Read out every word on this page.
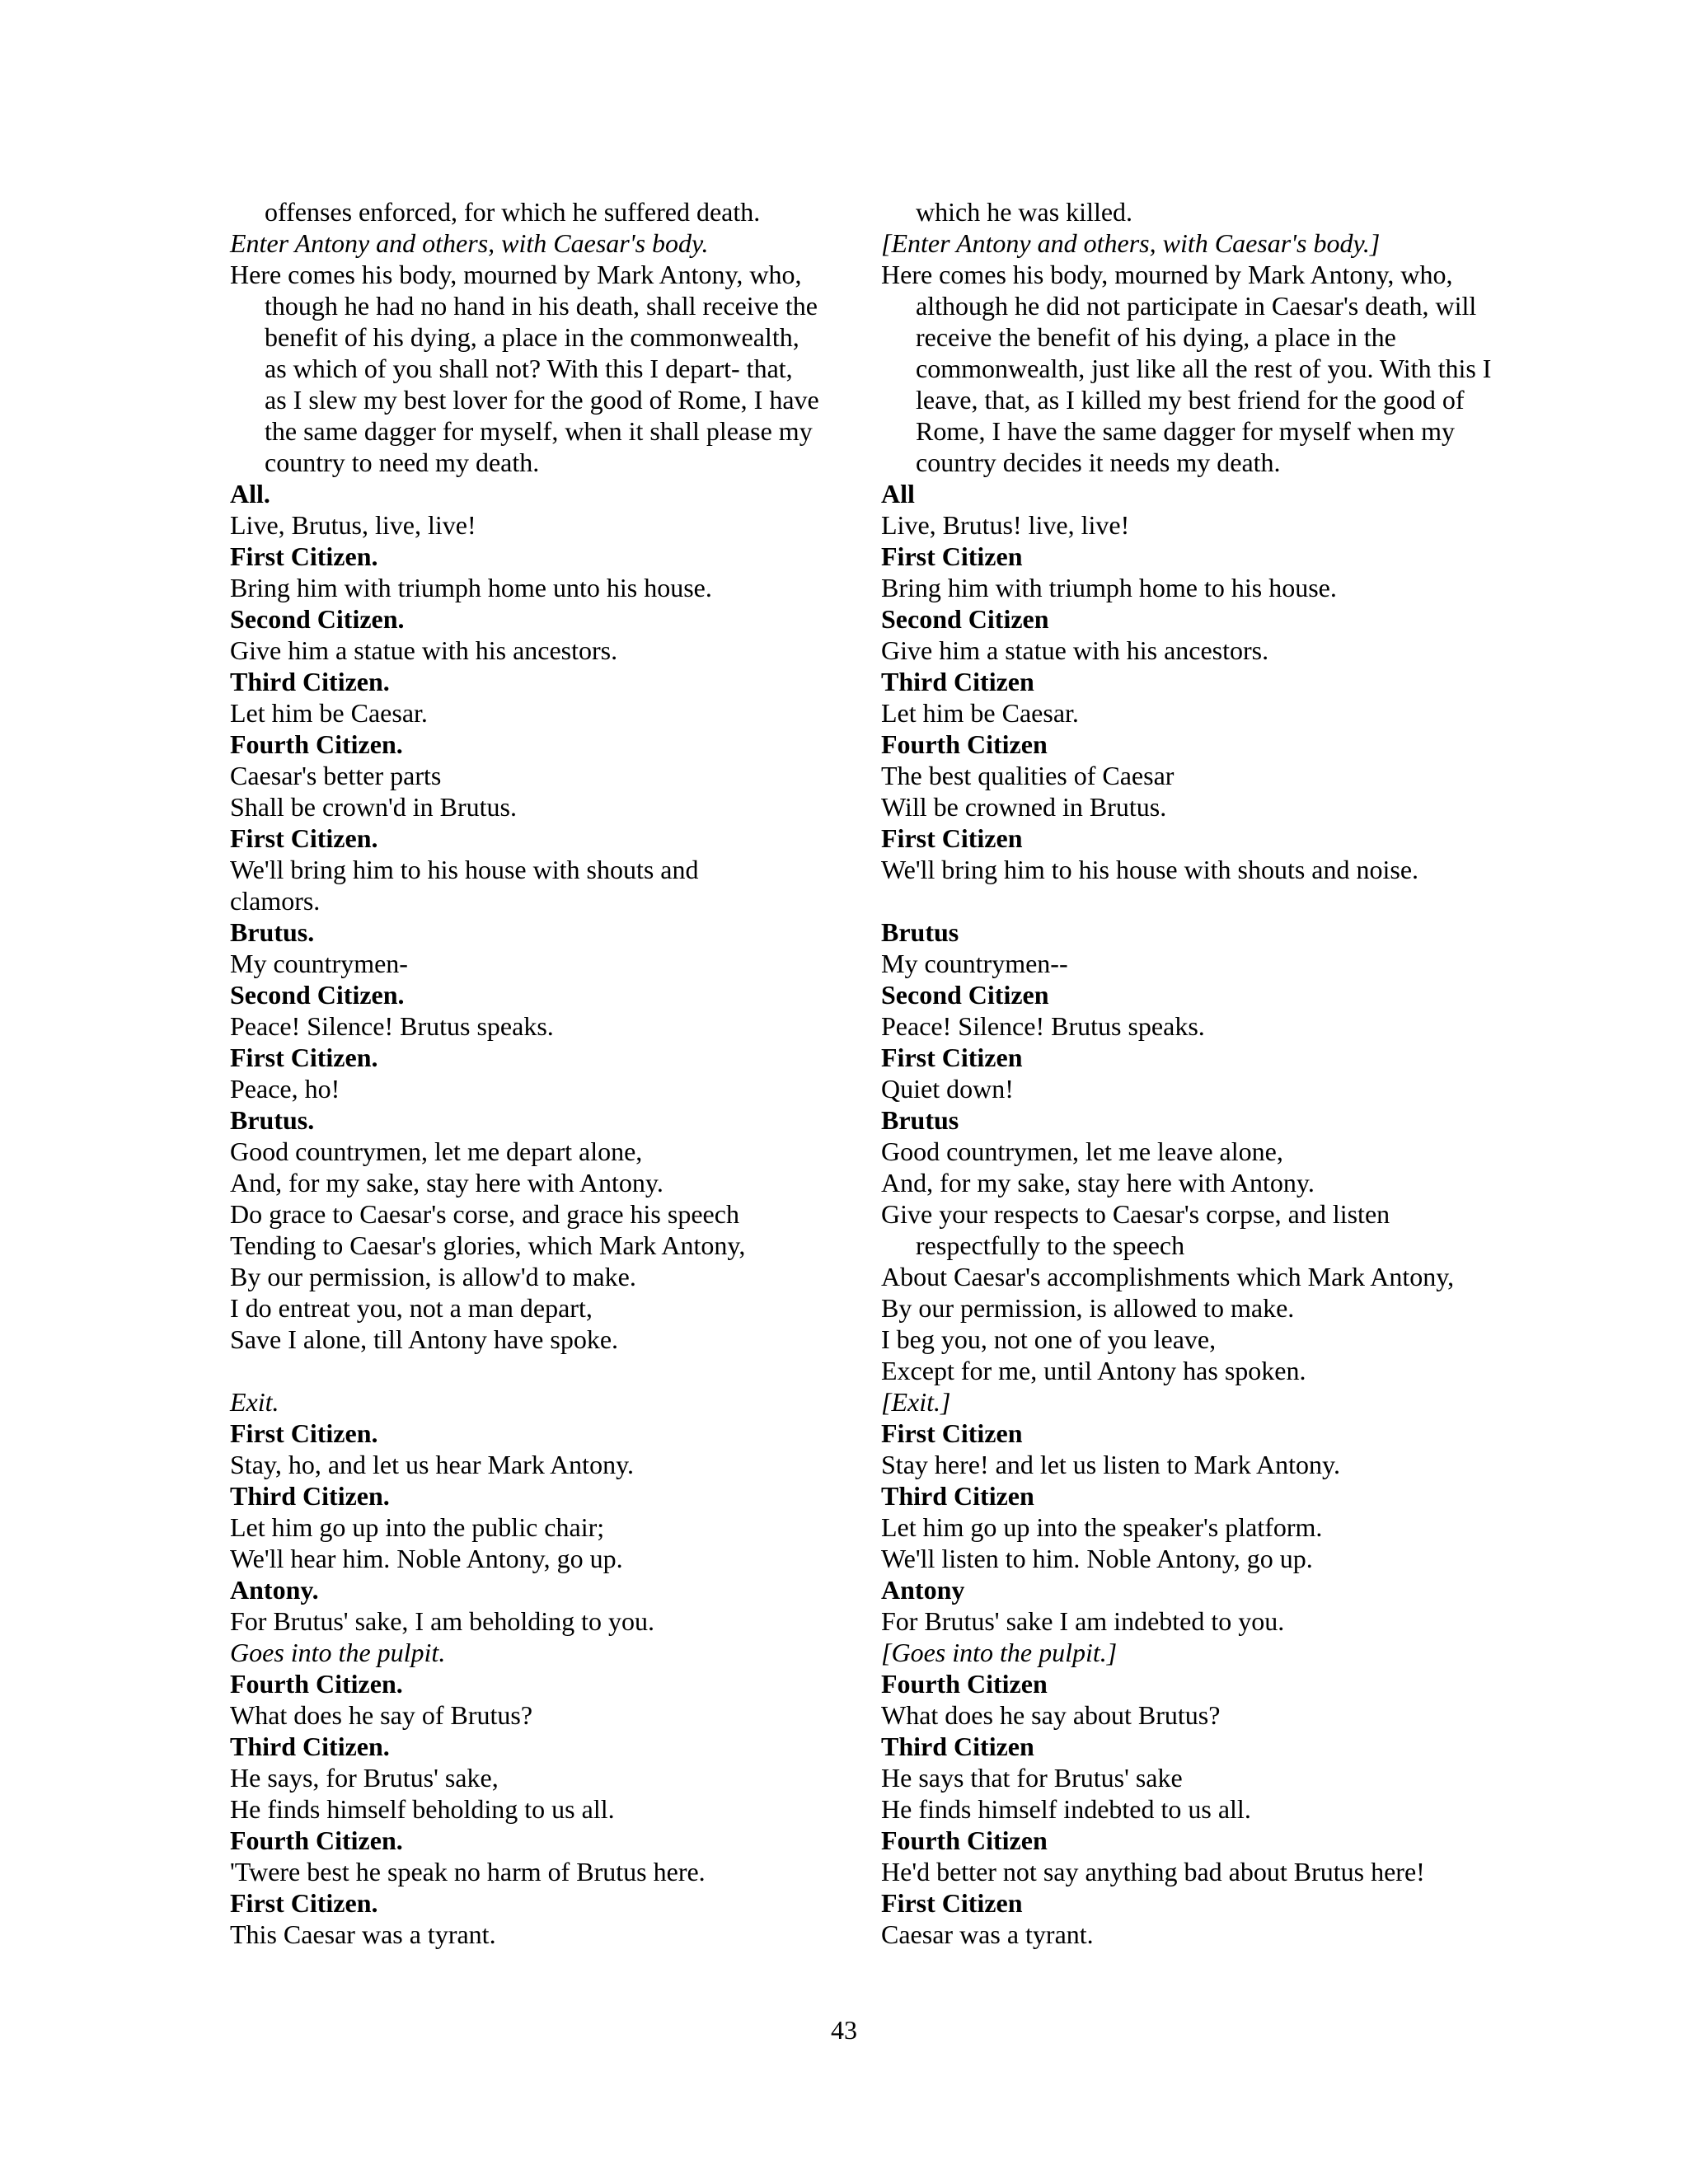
offenses enforced, for which he suffered death.
Enter Antony and others, with Caesar's body.
Here comes his body, mourned by Mark Antony, who,
though he had no hand in his death, shall receive the
benefit of his dying, a place in the commonwealth,
as which of you shall not? With this I depart- that,
as I slew my best lover for the good of Rome, I have
the same dagger for myself, when it shall please my
country to need my death.
All.
Live, Brutus, live, live!
First Citizen.
Bring him with triumph home unto his house.
Second Citizen.
Give him a statue with his ancestors.
Third Citizen.
Let him be Caesar.
Fourth Citizen.
Caesar's better parts
Shall be crown'd in Brutus.
First Citizen.
We'll bring him to his house with shouts and
clamors.
Brutus.
My countrymen-
Second Citizen.
Peace! Silence! Brutus speaks.
First Citizen.
Peace, ho!
Brutus.
Good countrymen, let me depart alone,
And, for my sake, stay here with Antony.
Do grace to Caesar's corse, and grace his speech
Tending to Caesar's glories, which Mark Antony,
By our permission, is allow'd to make.
I do entreat you, not a man depart,
Save I alone, till Antony have spoke.
Exit.
First Citizen.
Stay, ho, and let us hear Mark Antony.
Third Citizen.
Let him go up into the public chair;
We'll hear him. Noble Antony, go up.
Antony.
For Brutus' sake, I am beholding to you.
Goes into the pulpit.
Fourth Citizen.
What does he say of Brutus?
Third Citizen.
He says, for Brutus' sake,
He finds himself beholding to us all.
Fourth Citizen.
'Twere best he speak no harm of Brutus here.
First Citizen.
This Caesar was a tyrant.
which he was killed.
[Enter Antony and others, with Caesar's body.]
Here comes his body, mourned by Mark Antony, who,
although he did not participate in Caesar's death, will
receive the benefit of his dying, a place in the
commonwealth, just like all the rest of you. With this I
leave, that, as I killed my best friend for the good of
Rome, I have the same dagger for myself when my
country decides it needs my death.
All
Live, Brutus! live, live!
First Citizen
Bring him with triumph home to his house.
Second Citizen
Give him a statue with his ancestors.
Third Citizen
Let him be Caesar.
Fourth Citizen
The best qualities of Caesar
Will be crowned in Brutus.
First Citizen
We'll bring him to his house with shouts and noise.
Brutus
My countrymen--
Second Citizen
Peace! Silence! Brutus speaks.
First Citizen
Quiet down!
Brutus
Good countrymen, let me leave alone,
And, for my sake, stay here with Antony.
Give your respects to Caesar's corpse, and listen
respectfully to the speech
About Caesar's accomplishments which Mark Antony,
By our permission, is allowed to make.
I beg you, not one of you leave,
Except for me, until Antony has spoken.
[Exit.]
First Citizen
Stay here! and let us listen to Mark Antony.
Third Citizen
Let him go up into the speaker's platform.
We'll listen to him. Noble Antony, go up.
Antony
For Brutus' sake I am indebted to you.
[Goes into the pulpit.]
Fourth Citizen
What does he say about Brutus?
Third Citizen
He says that for Brutus' sake
He finds himself indebted to us all.
Fourth Citizen
He'd better not say anything bad about Brutus here!
First Citizen
Caesar was a tyrant.
43
